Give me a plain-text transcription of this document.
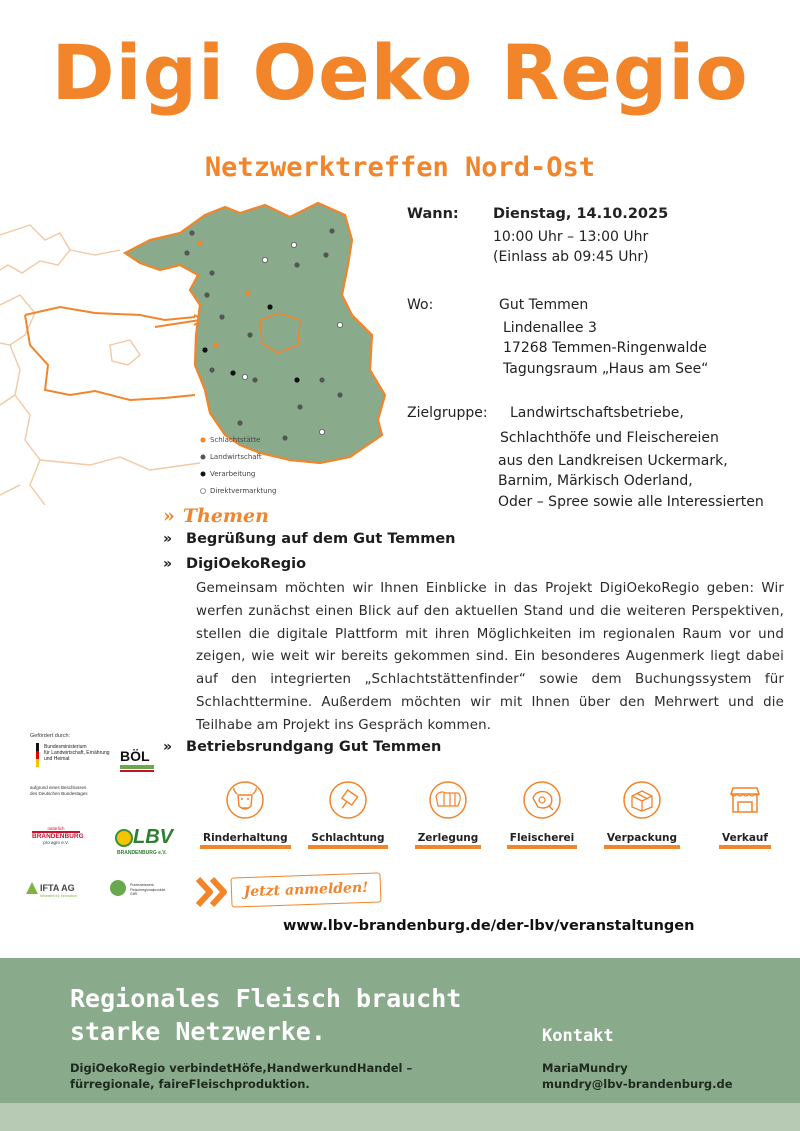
Digi Oeko Regio
Netzwerktreffen Nord-Ost
Schlachtstätte
Landwirtschaft
Verarbeitung
Direktvermarktung
Wann: Dienstag, 14.10.2025
10:00 Uhr – 13:00 Uhr
(Einlass ab 09:45 Uhr)
Wo:	Gut Temmen
Lindenallee 3
17268 Temmen-Ringenwalde
Tagungsraum „Haus am See“
Zielgruppe: Landwirtschaftsbetriebe,
Schlachthöfe und Fleischereien
aus den Landkreisen Uckermark,
Barnim, Märkisch Oderland,
Oder – Spree sowie alle Interessierten
» Themen
» Begrüßung auf dem Gut Temmen
» DigiOekoRegio
Gemeinsam möchten wir Ihnen Einblicke in das Projekt DigiOekoRegio geben: Wir werfen zunächst einen Blick auf den aktuellen Stand und die weiteren Perspektiven, stellen die digitale Plattform mit ihren Möglichkeiten im regionalen Raum vor und zeigen, wie weit wir bereits gekommen sind. Ein besonderes Augenmerk liegt dabei auf den integrierten „Schlachtstättenfinder“ sowie dem Buchungssystem für Schlachttermine. Außerdem möchten wir mit Ihnen über den Mehrwert und die Teilhabe am Projekt ins Gespräch kommen.
» Betriebsrundgang Gut Temmen
Gefördert durch:
Bundesministerium
für Landwirtschaft, Ernährung
und Heimat
aufgrund eines Beschlusses
des Deutschen Bundestages
BÖL
natürlich
BRANDENBURG
pro agro e.V.	LBV
BRANDENBURG e.V.
IFTA AG
Netzwerk für Innovation
Praxisnetzwerk
Fleischregionalprodukt GbR
Rinderhaltung	Schlachtung	Zerlegung	Fleischerei	Verpackung	Verkauf
Jetzt anmelden!
www.lbv-brandenburg.de/der-lbv/veranstaltungen
Regionales Fleisch braucht
starke Netzwerke.
DigiOekoRegio verbindetHöfe,HandwerkundHandel –
fürregionale, faireFleischproduktion.
Kontakt
MariaMundry
mundry@lbv-brandenburg.de
